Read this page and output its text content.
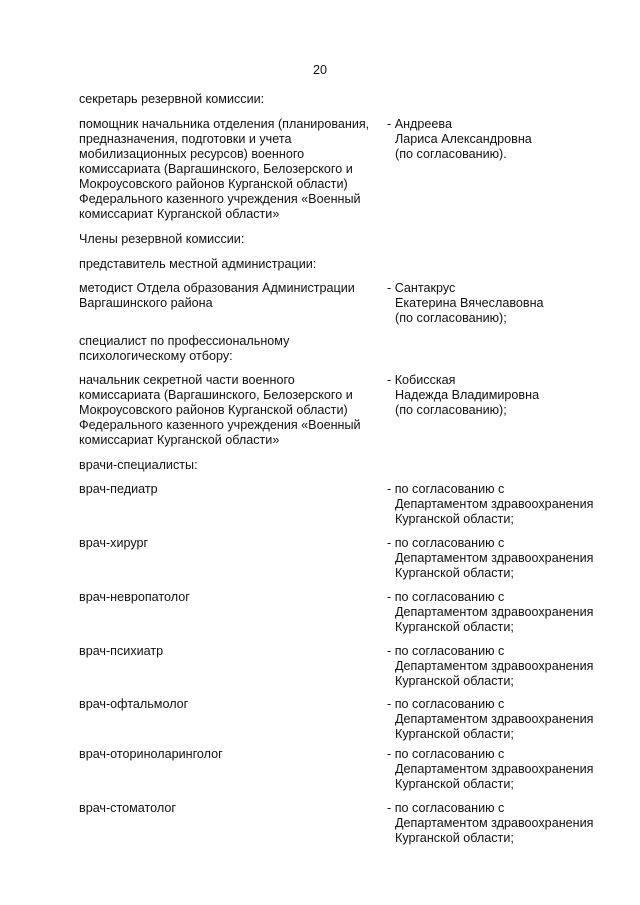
20
секретарь резервной комиссии:
помощник начальника отделения (планирования,
предназначения, подготовки и учета
мобилизационных ресурсов) военного
комиссариата (Варгашинского, Белозерского и
Мокроусовского районов Курганской области)
Федерального казенного учреждения «Военный
комиссариат Курганской области»
- Андреева
Лариса Александровна
(по согласованию).
Члены резервной комиссии:
представитель местной администрации:
методист Отдела образования Администрации
Варгашинского района
- Сантакрус
Екатерина Вячеславовна
(по согласованию);
специалист по профессиональному
психологическому отбору:
начальник секретной части военного
комиссариата (Варгашинского, Белозерского и
Мокроусовского районов Курганской области)
Федерального казенного учреждения «Военный
комиссариат Курганской области»
- Кобисская
Надежда Владимировна
(по согласованию);
врачи-специалисты:
врач-педиатр	- по согласованию с
Департаментом здравоохранения
Курганской области;
врач-хирург	- по согласованию с
Департаментом здравоохранения
Курганской области;
врач-невропатолог	- по согласованию с
Департаментом здравоохранения
Курганской области;
врач-психиатр	- по согласованию с
Департаментом здравоохранения
Курганской области;
врач-офтальмолог	- по согласованию с
Департаментом здравоохранения
Курганской области;
врач-оториноларинголог	- по согласованию с
Департаментом здравоохранения
Курганской области;
врач-стоматолог	- по согласованию с
Департаментом здравоохранения
Курганской области;
